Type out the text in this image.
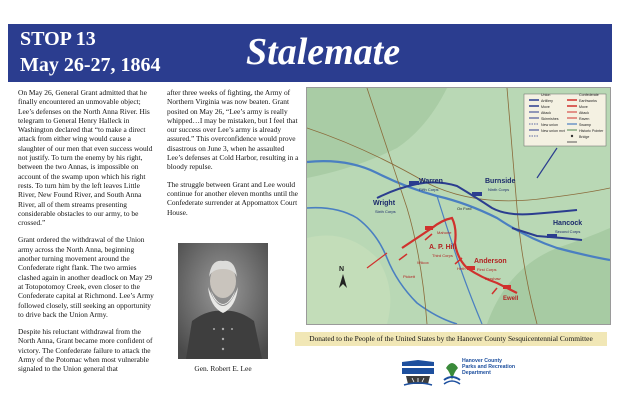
STOP 13
May 26-27, 1864	Stalemate

On May 26, General Grant admitted that he finally encountered an unmovable object; Lee’s defenses on the North Anna River. His telegram to General Henry Halleck in Washington declared that “to make a direct attack from either wing would cause a slaughter of our men that even success would not justify. To turn the enemy by his right, between the two Annas, is impossible on account of the swamp upon which his right rests. To turn him by the left leaves Little River, New Found River, and South Anna River, all of them streams presenting considerable obstacles to our army, to be crossed.”

Grant ordered the withdrawal of the Union army across the North Anna, beginning another turning movement around the Confederate right flank. The two armies clashed again in another deadlock on May 29 at Totopotomoy Creek, even closer to the Confederate capital at Richmond. Lee’s Army followed closely, still seeking an opportunity to drive back the Union Army.

Despite his reluctant withdrawal from the North Anna, Grant became more confident of victory. The Confederate failure to attack the Army of the Potomac when most vulnerable signaled to the Union general that

after three weeks of fighting, the Army of Northern Virginia was now beaten. Grant posited on May 26, “Lee’s army is really whipped…I may be mistaken, but I feel that our success over Lee’s army is already assured.” This overconfidence would prove disastrous on June 3, when he assaulted Lee’s defenses at Cold Harbor, resulting in a bloody repulse.

The struggle between Grant and Lee would continue for another eleven months until the Confederate surrender at Appomattox Court House.

Gen. Robert E. Lee
Union
Artillery
Move
Attack
Skirmishes
New union
New union mvt
Confederate
Earthworks
Move
Attack
Raven
Swamp
Historic Pointer
Bridge
Warren
Fifth Corps
Wright
Sixth Corps
Burnside
Ninth Corps
Hancock
Second Corps
A. P. Hill
Third Corps
Anderson
First Corps
Ewell
Mahone
Wilcox
Heth
Kershaw
Pickett
Ox Ford
N
Donated to the People of the United States by the Hanover County Sesquicentennial Committee
Hanover County
Parks and Recreation
Department
